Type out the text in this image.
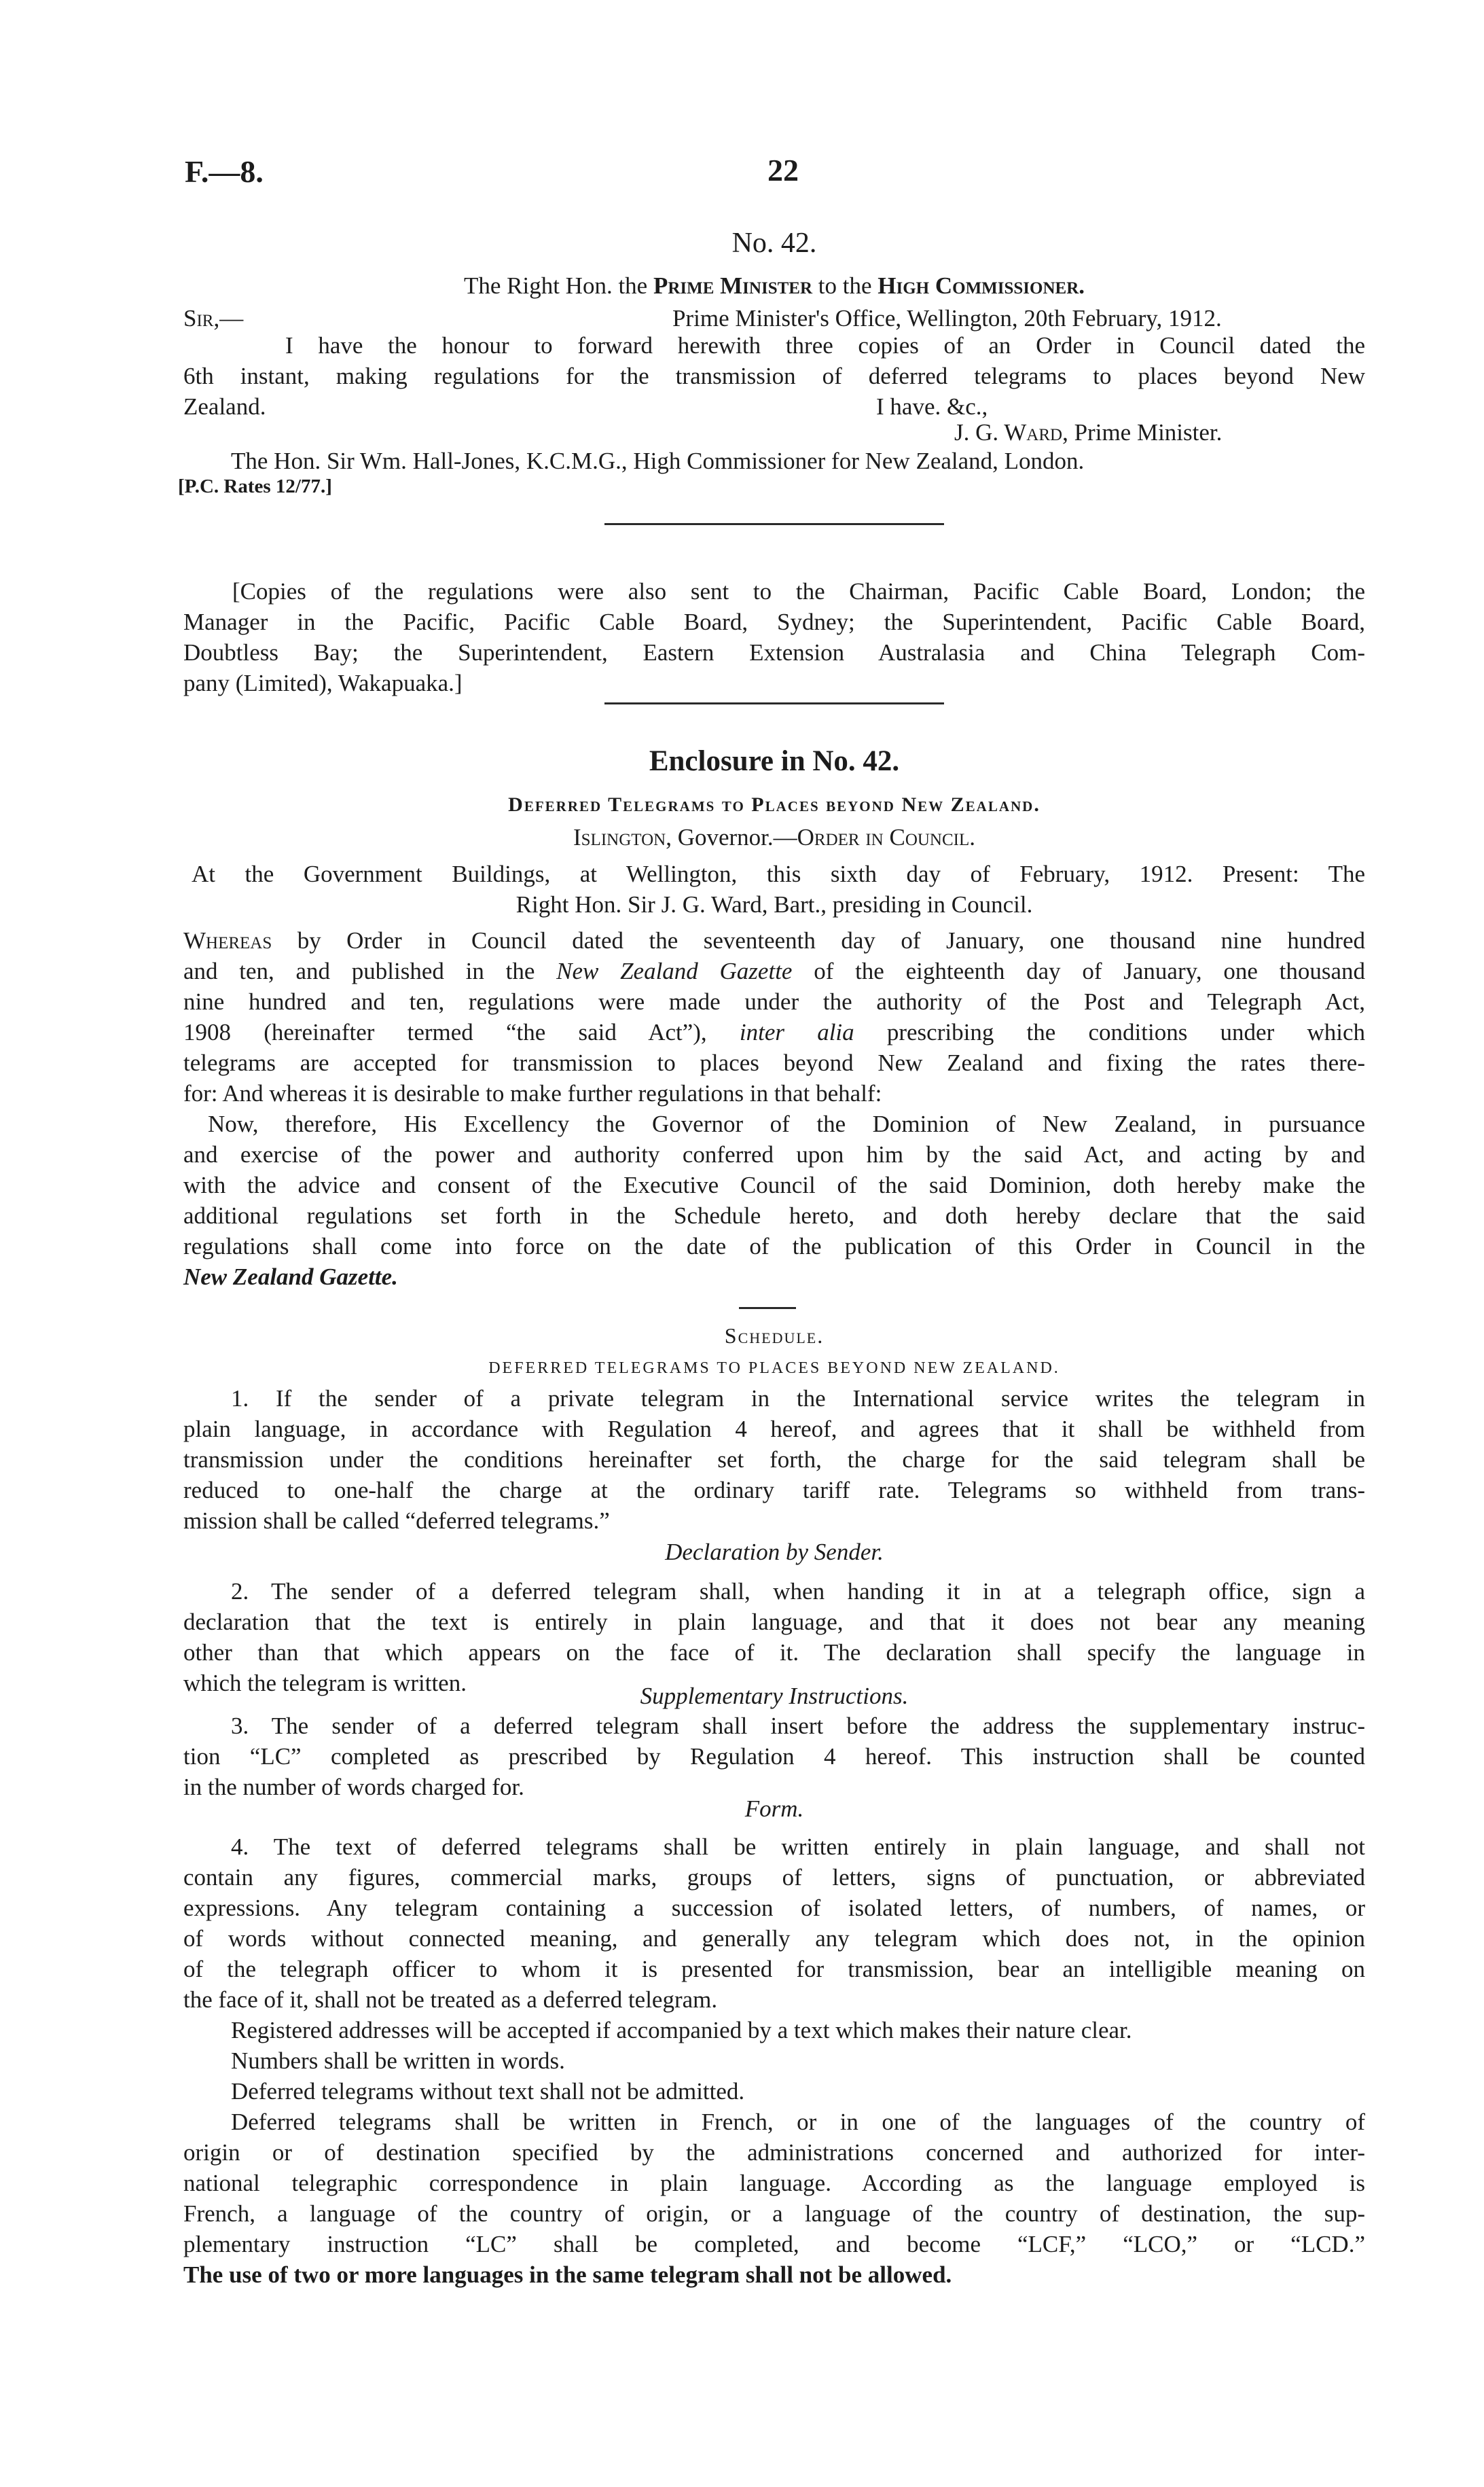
F.—8.	22
No. 42.
The Right Hon. the Prime Minister to the High Commissioner.
Sir,—	Prime Minister's Office, Wellington, 20th February, 1912.

I have the honour to forward herewith three copies of an Order in Council dated the

6th instant, making regulations for the transmission of deferred telegrams to places beyond New

Zealand.	I have. &c.,
J. G. Ward, Prime Minister.
The Hon. Sir Wm. Hall-Jones, K.C.M.G., High Commissioner for New Zealand, London.
[P.C. Rates 12/77.]

[Copies of the regulations were also sent to the Chairman, Pacific Cable Board, London; the

Manager in the Pacific, Pacific Cable Board, Sydney; the Superintendent, Pacific Cable Board,

Doubtless Bay; the Superintendent, Eastern Extension Australasia and China Telegraph Com-

pany (Limited), Wakapuaka.]

Enclosure in No. 42.
Deferred Telegrams to Places beyond New Zealand.
Islington, Governor.—Order in Council.

At the Government Buildings, at Wellington, this sixth day of February, 1912. Present: The

Right Hon. Sir J. G. Ward, Bart., presiding in Council.

Whereas by Order in Council dated the seventeenth day of January, one thousand nine hundred

and ten, and published in the New Zealand Gazette of the eighteenth day of January, one thousand

nine hundred and ten, regulations were made under the authority of the Post and Telegraph Act,

1908 (hereinafter termed “the said Act”), inter alia prescribing the conditions under which

telegrams are accepted for transmission to places beyond New Zealand and fixing the rates there-

for: And whereas it is desirable to make further regulations in that behalf:

Now, therefore, His Excellency the Governor of the Dominion of New Zealand, in pursuance

and exercise of the power and authority conferred upon him by the said Act, and acting by and

with the advice and consent of the Executive Council of the said Dominion, doth hereby make the

additional regulations set forth in the Schedule hereto, and doth hereby declare that the said

regulations shall come into force on the date of the publication of this Order in Council in the

New Zealand Gazette.

Schedule.
DEFERRED TELEGRAMS TO PLACES BEYOND NEW ZEALAND.

1. If the sender of a private telegram in the International service writes the telegram in

plain language, in accordance with Regulation 4 hereof, and agrees that it shall be withheld from

transmission under the conditions hereinafter set forth, the charge for the said telegram shall be

reduced to one-half the charge at the ordinary tariff rate. Telegrams so withheld from trans-

mission shall be called “deferred telegrams.”

Declaration by Sender.

2. The sender of a deferred telegram shall, when handing it in at a telegraph office, sign a

declaration that the text is entirely in plain language, and that it does not bear any meaning

other than that which appears on the face of it. The declaration shall specify the language in

which the telegram is written.	Supplementary Instructions.

3. The sender of a deferred telegram shall insert before the address the supplementary instruc-

tion “LC” completed as prescribed by Regulation 4 hereof. This instruction shall be counted

in the number of words charged for.

Form.

4. The text of deferred telegrams shall be written entirely in plain language, and shall not

contain any figures, commercial marks, groups of letters, signs of punctuation, or abbreviated

expressions. Any telegram containing a succession of isolated letters, of numbers, of names, or

of words without connected meaning, and generally any telegram which does not, in the opinion

of the telegraph officer to whom it is presented for transmission, bear an intelligible meaning on

the face of it, shall not be treated as a deferred telegram.

Registered addresses will be accepted if accompanied by a text which makes their nature clear.

Numbers shall be written in words.

Deferred telegrams without text shall not be admitted.

Deferred telegrams shall be written in French, or in one of the languages of the country of

origin or of destination specified by the administrations concerned and authorized for inter-

national telegraphic correspondence in plain language. According as the language employed is

French, a language of the country of origin, or a language of the country of destination, the sup-

plementary instruction “LC” shall be completed, and become “LCF,” “LCO,” or “LCD.”

The use of two or more languages in the same telegram shall not be allowed.
